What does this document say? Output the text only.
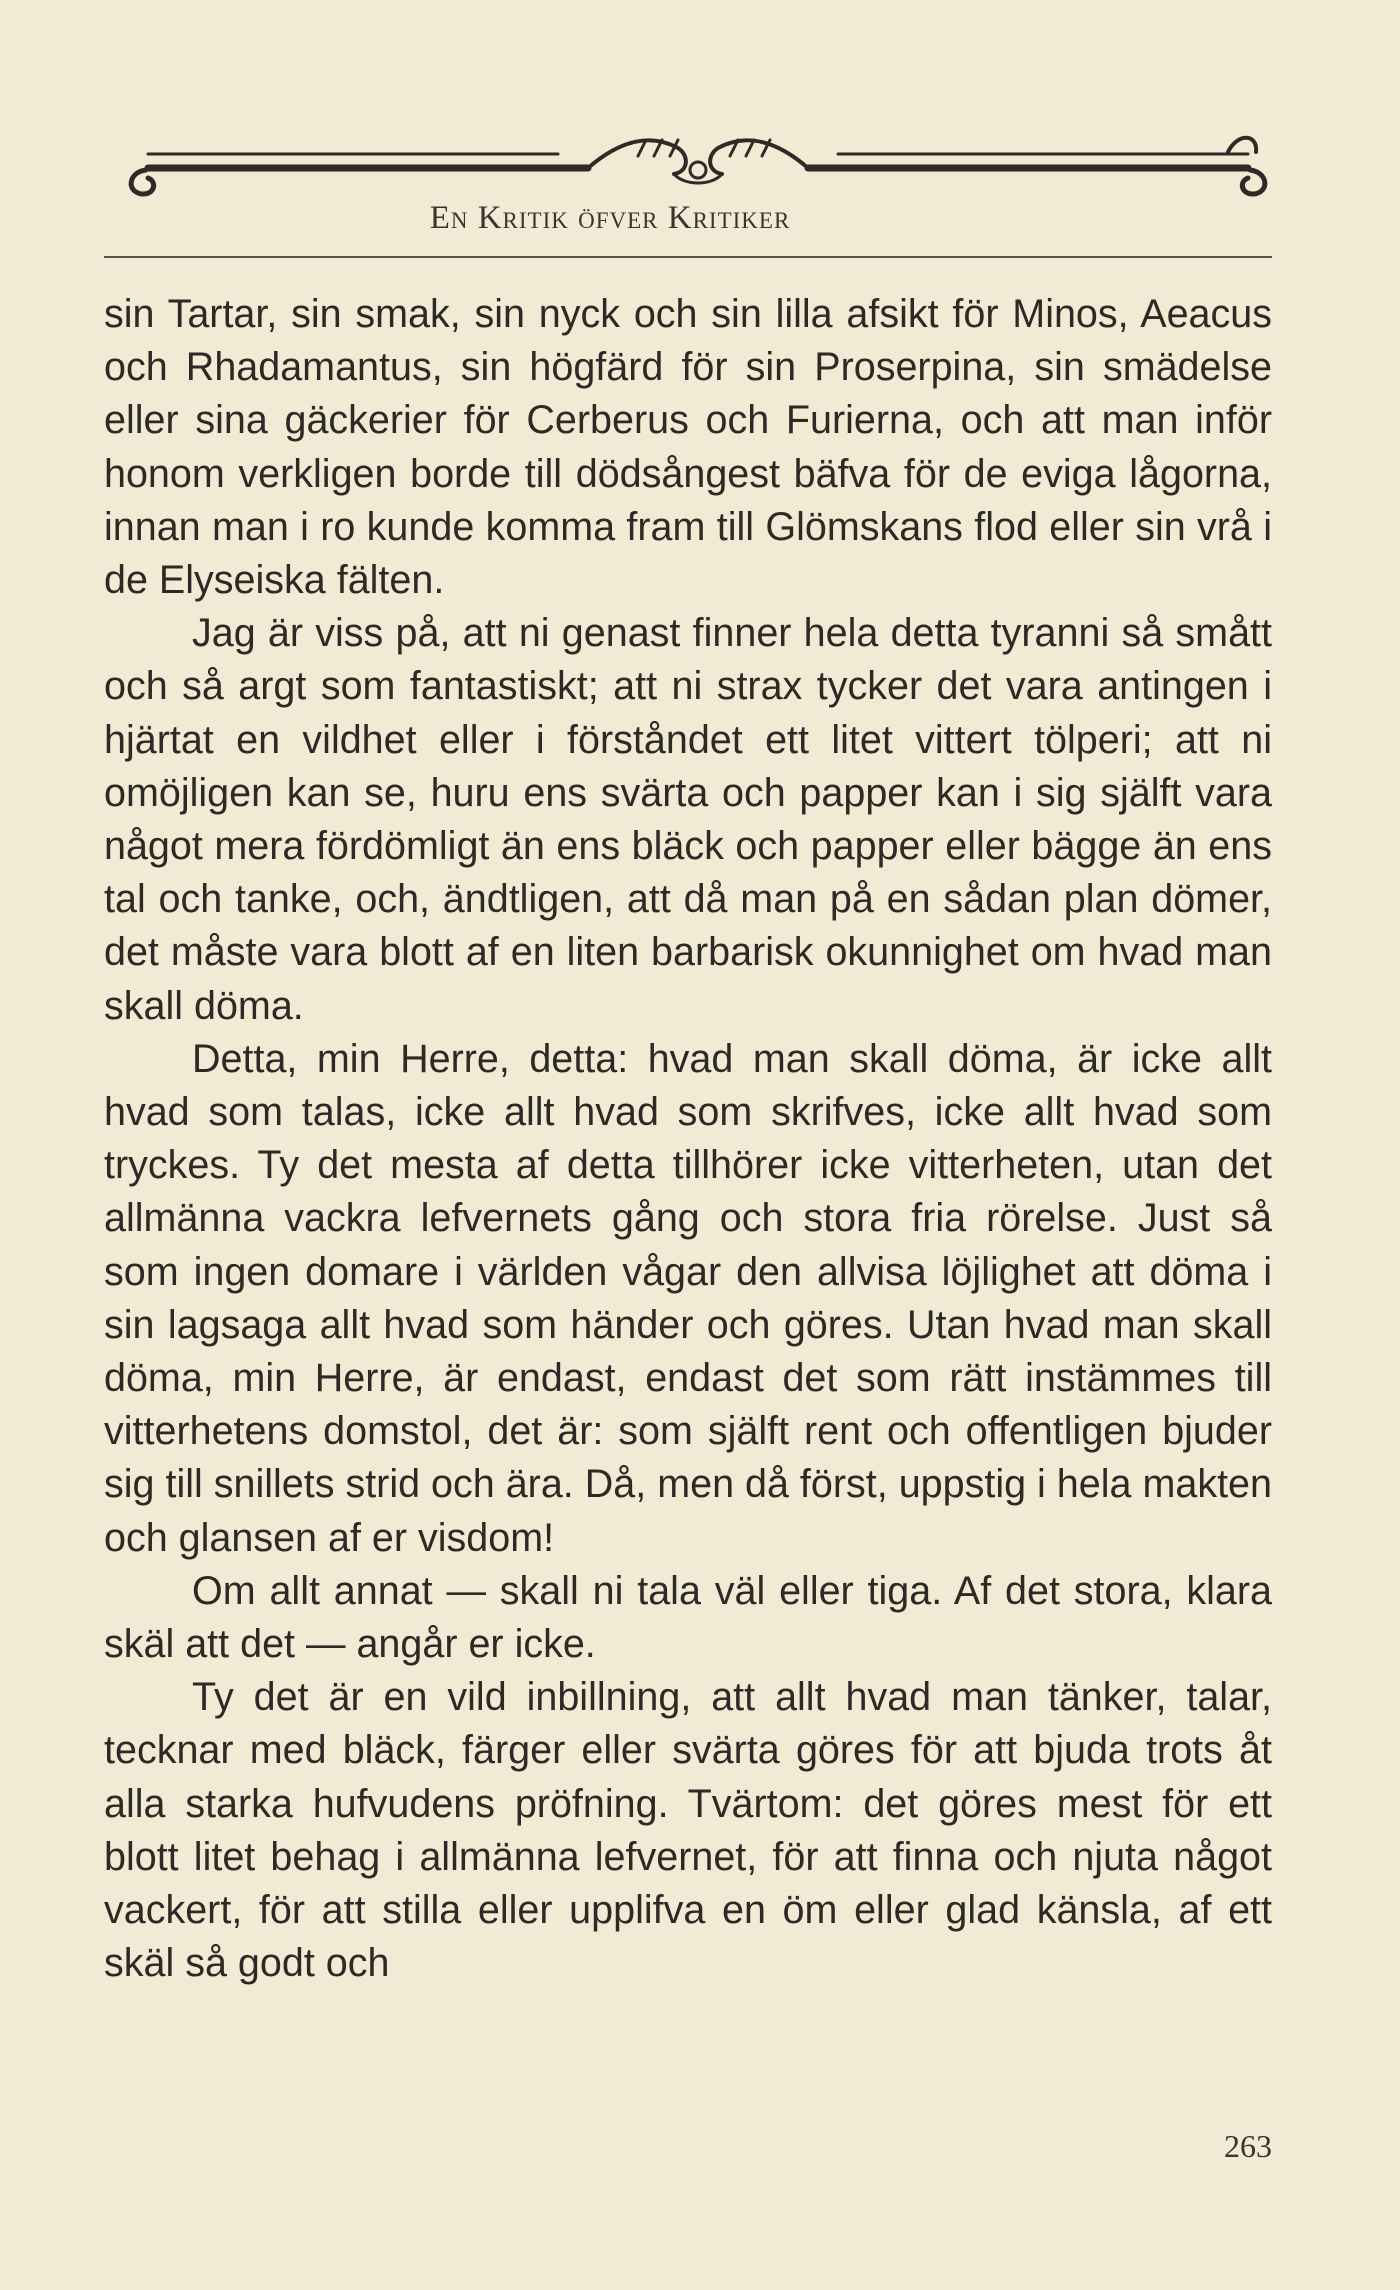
En Kritik öfver Kritiker

sin Tartar, sin smak, sin nyck och sin lilla afsikt för Minos, Aeacus och Rhadamantus, sin högfärd för sin Proserpina, sin smädelse eller sina gäckerier för Cerberus och Furierna, och att man inför honom verkligen borde till dödsångest bäfva för de eviga lågorna, innan man i ro kunde komma fram till Glömskans flod eller sin vrå i de Elyseiska fälten.

Jag är viss på, att ni genast finner hela detta tyranni så smått och så argt som fantastiskt; att ni strax tycker det vara antingen i hjärtat en vildhet eller i förståndet ett litet vittert tölperi; att ni omöjligen kan se, huru ens svärta och papper kan i sig själft vara något mera fördömligt än ens bläck och papper eller bägge än ens tal och tanke, och, ändtligen, att då man på en sådan plan dömer, det måste vara blott af en liten barbarisk okunnighet om hvad man skall döma.

Detta, min Herre, detta: hvad man skall döma, är icke allt hvad som talas, icke allt hvad som skrifves, icke allt hvad som tryckes. Ty det mesta af detta tillhörer icke vitterheten, utan det allmänna vackra lefvernets gång och stora fria rörelse. Just så som ingen domare i världen vågar den allvisa löjlighet att döma i sin lagsaga allt hvad som händer och göres. Utan hvad man skall döma, min Herre, är endast, endast det som rätt instämmes till vitterhetens domstol, det är: som själft rent och offentligen bjuder sig till snillets strid och ära. Då, men då först, uppstig i hela makten och glansen af er visdom!

Om allt annat — skall ni tala väl eller tiga. Af det stora, klara skäl att det — angår er icke.

Ty det är en vild inbillning, att allt hvad man tänker, talar, tecknar med bläck, färger eller svärta göres för att bjuda trots åt alla starka hufvudens pröfning. Tvärtom: det göres mest för ett blott litet behag i allmänna lefvernet, för att finna och njuta något vackert, för att stilla eller upplifva en öm eller glad känsla, af ett skäl så godt och

263
